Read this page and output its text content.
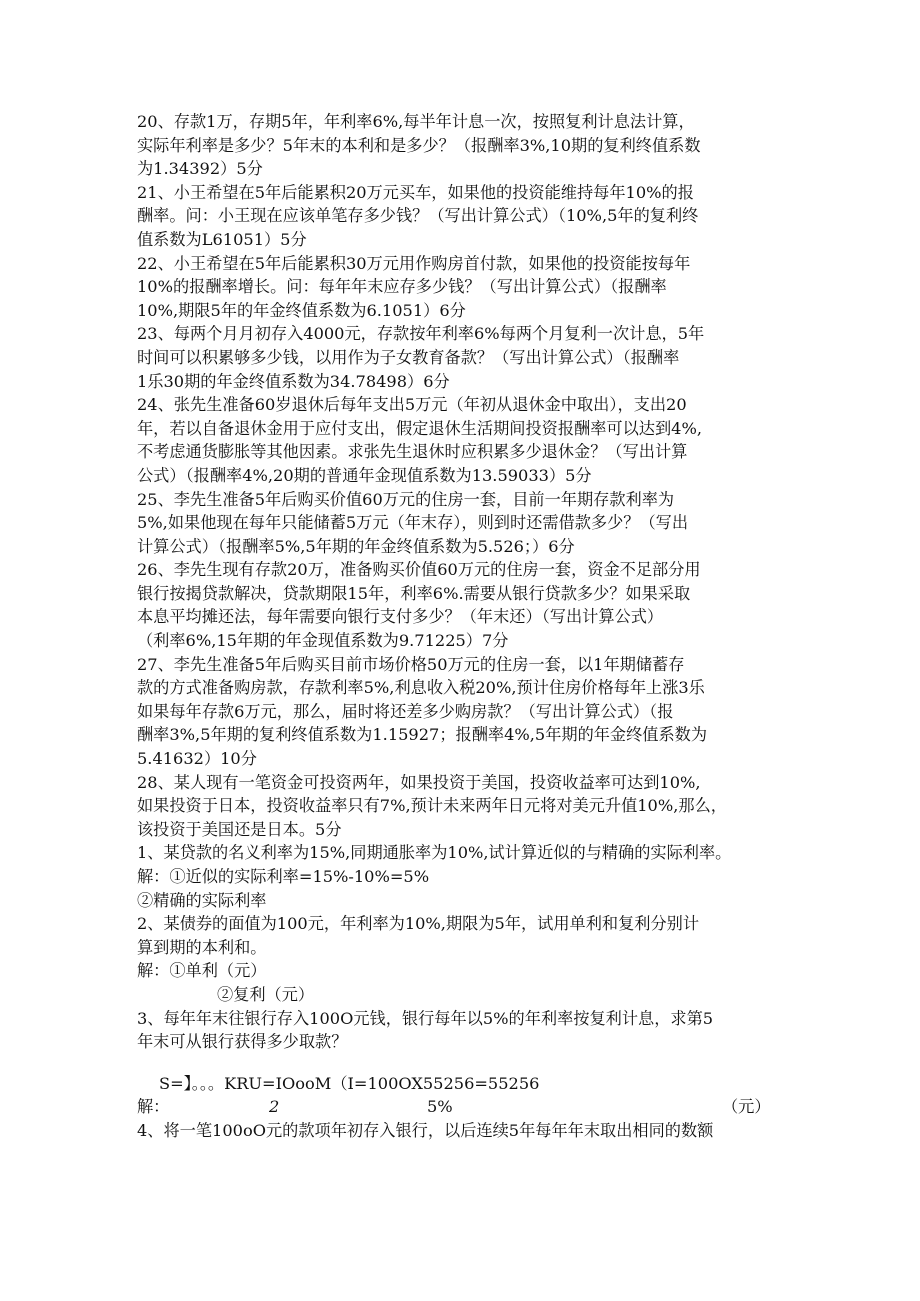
20、存款1万，存期5年，年利率6%,每半年计息一次，按照复利计息法计算，
实际年利率是多少？5年末的本利和是多少？（报酬率3%,10期的复利终值系数
为1.34392）5分
21、小王希望在5年后能累积20万元买车，如果他的投资能维持每年10%的报
酬率。问：小王现在应该单笔存多少钱？（写出计算公式）（10%,5年的复利终
值系数为L61051）5分
22、小王希望在5年后能累积30万元用作购房首付款，如果他的投资能按每年
10%的报酬率增长。问：每年年末应存多少钱？（写出计算公式）（报酬率
10%,期限5年的年金终值系数为6.1051）6分
23、每两个月月初存入4000元，存款按年利率6%每两个月复利一次计息，5年
时间可以积累够多少钱，以用作为子女教育备款？（写出计算公式）（报酬率
1乐30期的年金终值系数为34.78498）6分
24、张先生准备60岁退休后每年支出5万元（年初从退休金中取出），支出20
年，若以自备退休金用于应付支出，假定退休生活期间投资报酬率可以达到4%,
不考虑通货膨胀等其他因素。求张先生退休时应积累多少退休金？（写出计算
公式）（报酬率4%,20期的普通年金现值系数为13.59033）5分
25、李先生准备5年后购买价值60万元的住房一套，目前一年期存款利率为
5%,如果他现在每年只能储蓄5万元（年末存），则到时还需借款多少？（写出
计算公式）（报酬率5%,5年期的年金终值系数为5.526；）6分
26、李先生现有存款20万，准备购买价值60万元的住房一套，资金不足部分用
银行按揭贷款解决，贷款期限15年，利率6%.需要从银行贷款多少？如果采取
本息平均摊还法，每年需要向银行支付多少？（年末还）（写出计算公式）
（利率6%,15年期的年金现值系数为9.71225）7分
27、李先生准备5年后购买目前市场价格50万元的住房一套，以1年期储蓄存
款的方式准备购房款，存款利率5%,利息收入税20%,预计住房价格每年上涨3乐
如果每年存款6万元，那么，届时将还差多少购房款？（写出计算公式）（报
酬率3%,5年期的复利终值系数为1.15927；报酬率4%,5年期的年金终值系数为
5.41632）10分
28、某人现有一笔资金可投资两年，如果投资于美国，投资收益率可达到10%,
如果投资于日本，投资收益率只有7%,预计未来两年日元将对美元升值10%,那么，
该投资于美国还是日本。5分
1、某贷款的名义利率为15%,同期通胀率为10%,试计算近似的与精确的实际利率。
解：①近似的实际利率=15%-10%=5%
②精确的实际利率
2、某债券的面值为100元，年利率为10%,期限为5年，试用单利和复利分别计
算到期的本利和。
解：①单利（元）
②复利（元）
3、每年年末往银行存入100O元钱，银行每年以5%的年利率按复利计息，求第5
年末可从银行获得多少取款？
S=】。。。KRU=IOooM（I=100OX55256=55256
解：	2	5%	（元）
4、将一笔100oO元的款项年初存入银行，以后连续5年每年年末取出相同的数额
